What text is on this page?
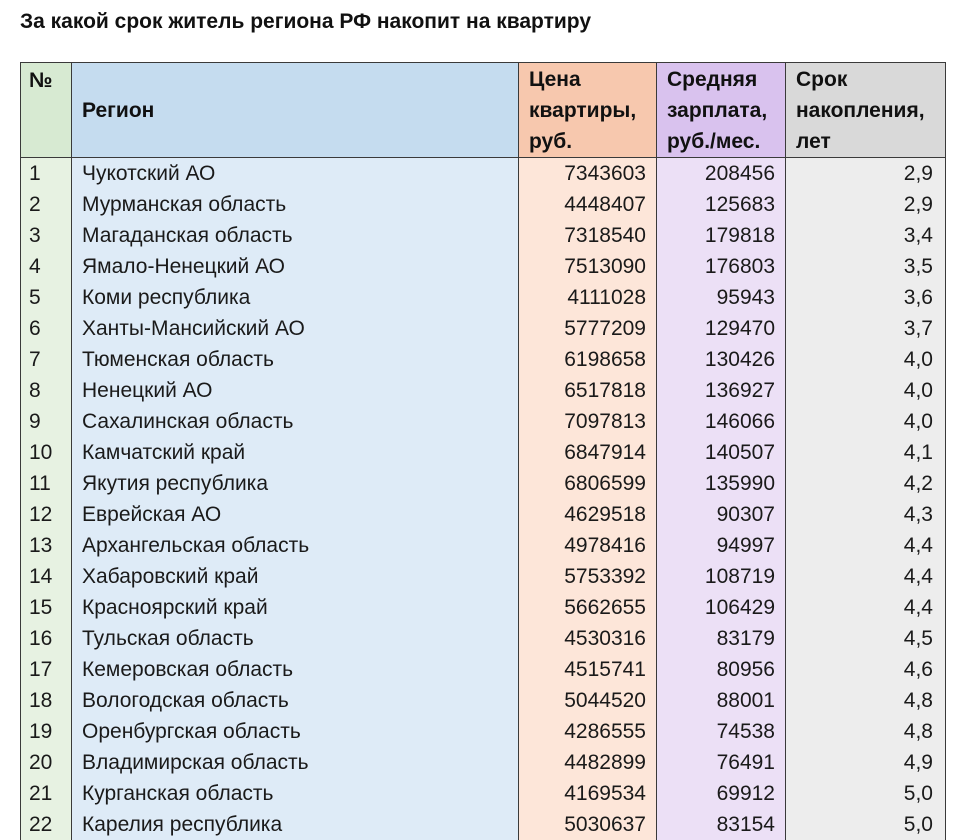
За какой срок житель региона РФ накопит на квартиру
№	Регион	Цена квартиры, руб.	Средняя зарплата, руб./мес.	Срок накопления, лет
1	Чукотский АО	7343603	208456	2,9
2	Мурманская область	4448407	125683	2,9
3	Магаданская область	7318540	179818	3,4
4	Ямало-Ненецкий АО	7513090	176803	3,5
5	Коми республика	4111028	95943	3,6
6	Ханты-Мансийский АО	5777209	129470	3,7
7	Тюменская область	6198658	130426	4,0
8	Ненецкий АО	6517818	136927	4,0
9	Сахалинская область	7097813	146066	4,0
10	Камчатский край	6847914	140507	4,1
11	Якутия республика	6806599	135990	4,2
12	Еврейская АО	4629518	90307	4,3
13	Архангельская область	4978416	94997	4,4
14	Хабаровский край	5753392	108719	4,4
15	Красноярский край	5662655	106429	4,4
16	Тульская область	4530316	83179	4,5
17	Кемеровская область	4515741	80956	4,6
18	Вологодская область	5044520	88001	4,8
19	Оренбургская область	4286555	74538	4,8
20	Владимирская область	4482899	76491	4,9
21	Курганская область	4169534	69912	5,0
22	Карелия республика	5030637	83154	5,0
